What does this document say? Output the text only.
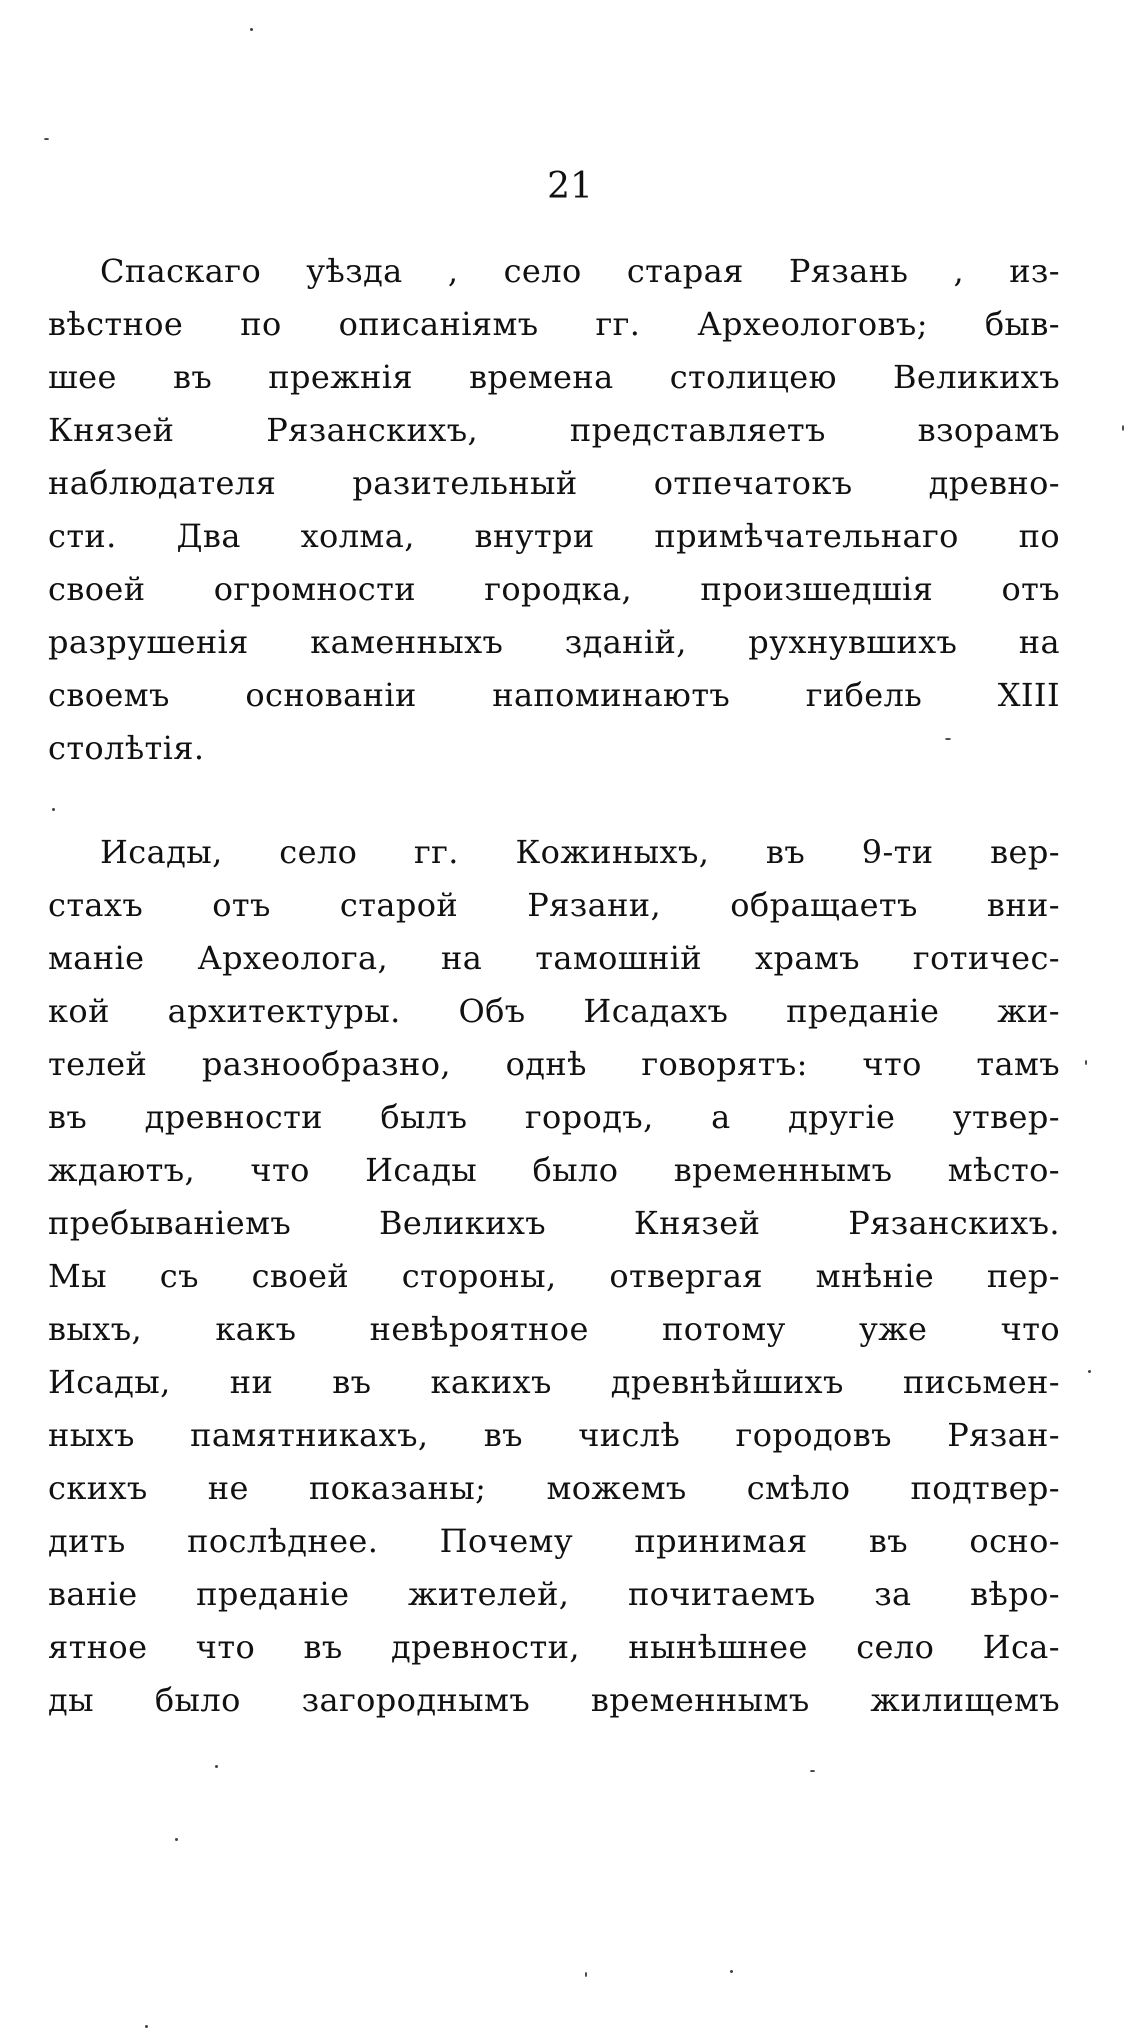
21
Спаскаго уѣзда , село старая Рязань , из-
вѣстное по описаніямъ гг. Археологовъ; быв-
шее въ прежнія времена столицею Великихъ
Князей Рязанскихъ, представляетъ взорамъ
наблюдателя разительный отпечатокъ древно-
сти. Два холма, внутри примѣчательнаго по
своей огромности городка, произшедшія отъ
разрушенія каменныхъ зданій, рухнувшихъ на
своемъ основаніи напоминаютъ гибель XIII
столѣтія.
Исады, село гг. Кожиныхъ, въ 9-ти вер-
стахъ отъ старой Рязани, обращаетъ вни-
маніе Археолога, на тамошній храмъ готичес-
кой архитектуры. Объ Исадахъ преданіе жи-
телей разнообразно, однѣ говорятъ: что тамъ
въ древности былъ городъ, а другіе утвер-
ждаютъ, что Исады было временнымъ мѣсто-
пребываніемъ Великихъ Князей Рязанскихъ.
Мы съ своей стороны, отвергая мнѣніе пер-
выхъ, какъ невѣроятное потому уже что
Исады, ни въ какихъ древнѣйшихъ письмен-
ныхъ памятникахъ, въ числѣ городовъ Рязан-
скихъ не показаны; можемъ смѣло подтвер-
дить послѣднее. Почему принимая въ осно-
ваніе преданіе жителей, почитаемъ за вѣро-
ятное что въ древности, нынѣшнее село Иса-
ды было загороднымъ временнымъ жилищемъ
